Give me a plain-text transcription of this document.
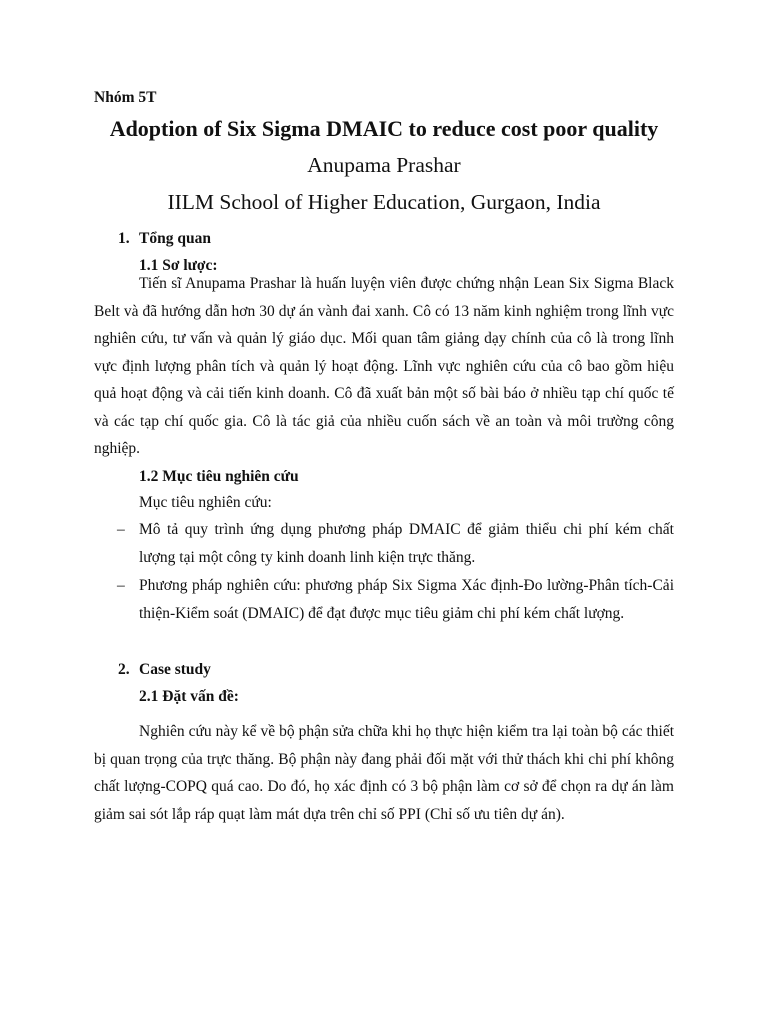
Nhóm 5T
Adoption of Six Sigma DMAIC to reduce cost poor quality
Anupama Prashar
IILM School of Higher Education, Gurgaon, India
1. Tổng quan
1.1 Sơ lược:

Tiến sĩ Anupama Prashar là huấn luyện viên được chứng nhận Lean Six Sigma Black Belt và đã hướng dẫn hơn 30 dự án vành đai xanh. Cô có 13 năm kinh nghiệm trong lĩnh vực nghiên cứu, tư vấn và quản lý giáo dục. Mối quan tâm giảng dạy chính của cô là trong lĩnh vực định lượng phân tích và quản lý hoạt động. Lĩnh vực nghiên cứu của cô bao gồm hiệu quả hoạt động và cải tiến kinh doanh. Cô đã xuất bản một số bài báo ở nhiều tạp chí quốc tế và các tạp chí quốc gia. Cô là tác giả của nhiều cuốn sách về an toàn và môi trường công nghiệp.

1.2 Mục tiêu nghiên cứu
Mục tiêu nghiên cứu:
– Mô tả quy trình ứng dụng phương pháp DMAIC để giảm thiểu chi phí kém chất lượng tại một công ty kinh doanh linh kiện trực thăng.
– Phương pháp nghiên cứu: phương pháp Six Sigma Xác định-Đo lường-Phân tích-Cải thiện-Kiểm soát (DMAIC) để đạt được mục tiêu giảm chi phí kém chất lượng.
2. Case study
2.1 Đặt vấn đề:

Nghiên cứu này kể về bộ phận sửa chữa khi họ thực hiện kiểm tra lại toàn bộ các thiết bị quan trọng của trực thăng. Bộ phận này đang phải đối mặt với thử thách khi chi phí không chất lượng-COPQ quá cao. Do đó, họ xác định có 3 bộ phận làm cơ sở để chọn ra dự án làm giảm sai sót lắp ráp quạt làm mát dựa trên chỉ số PPI (Chỉ số ưu tiên dự án).
